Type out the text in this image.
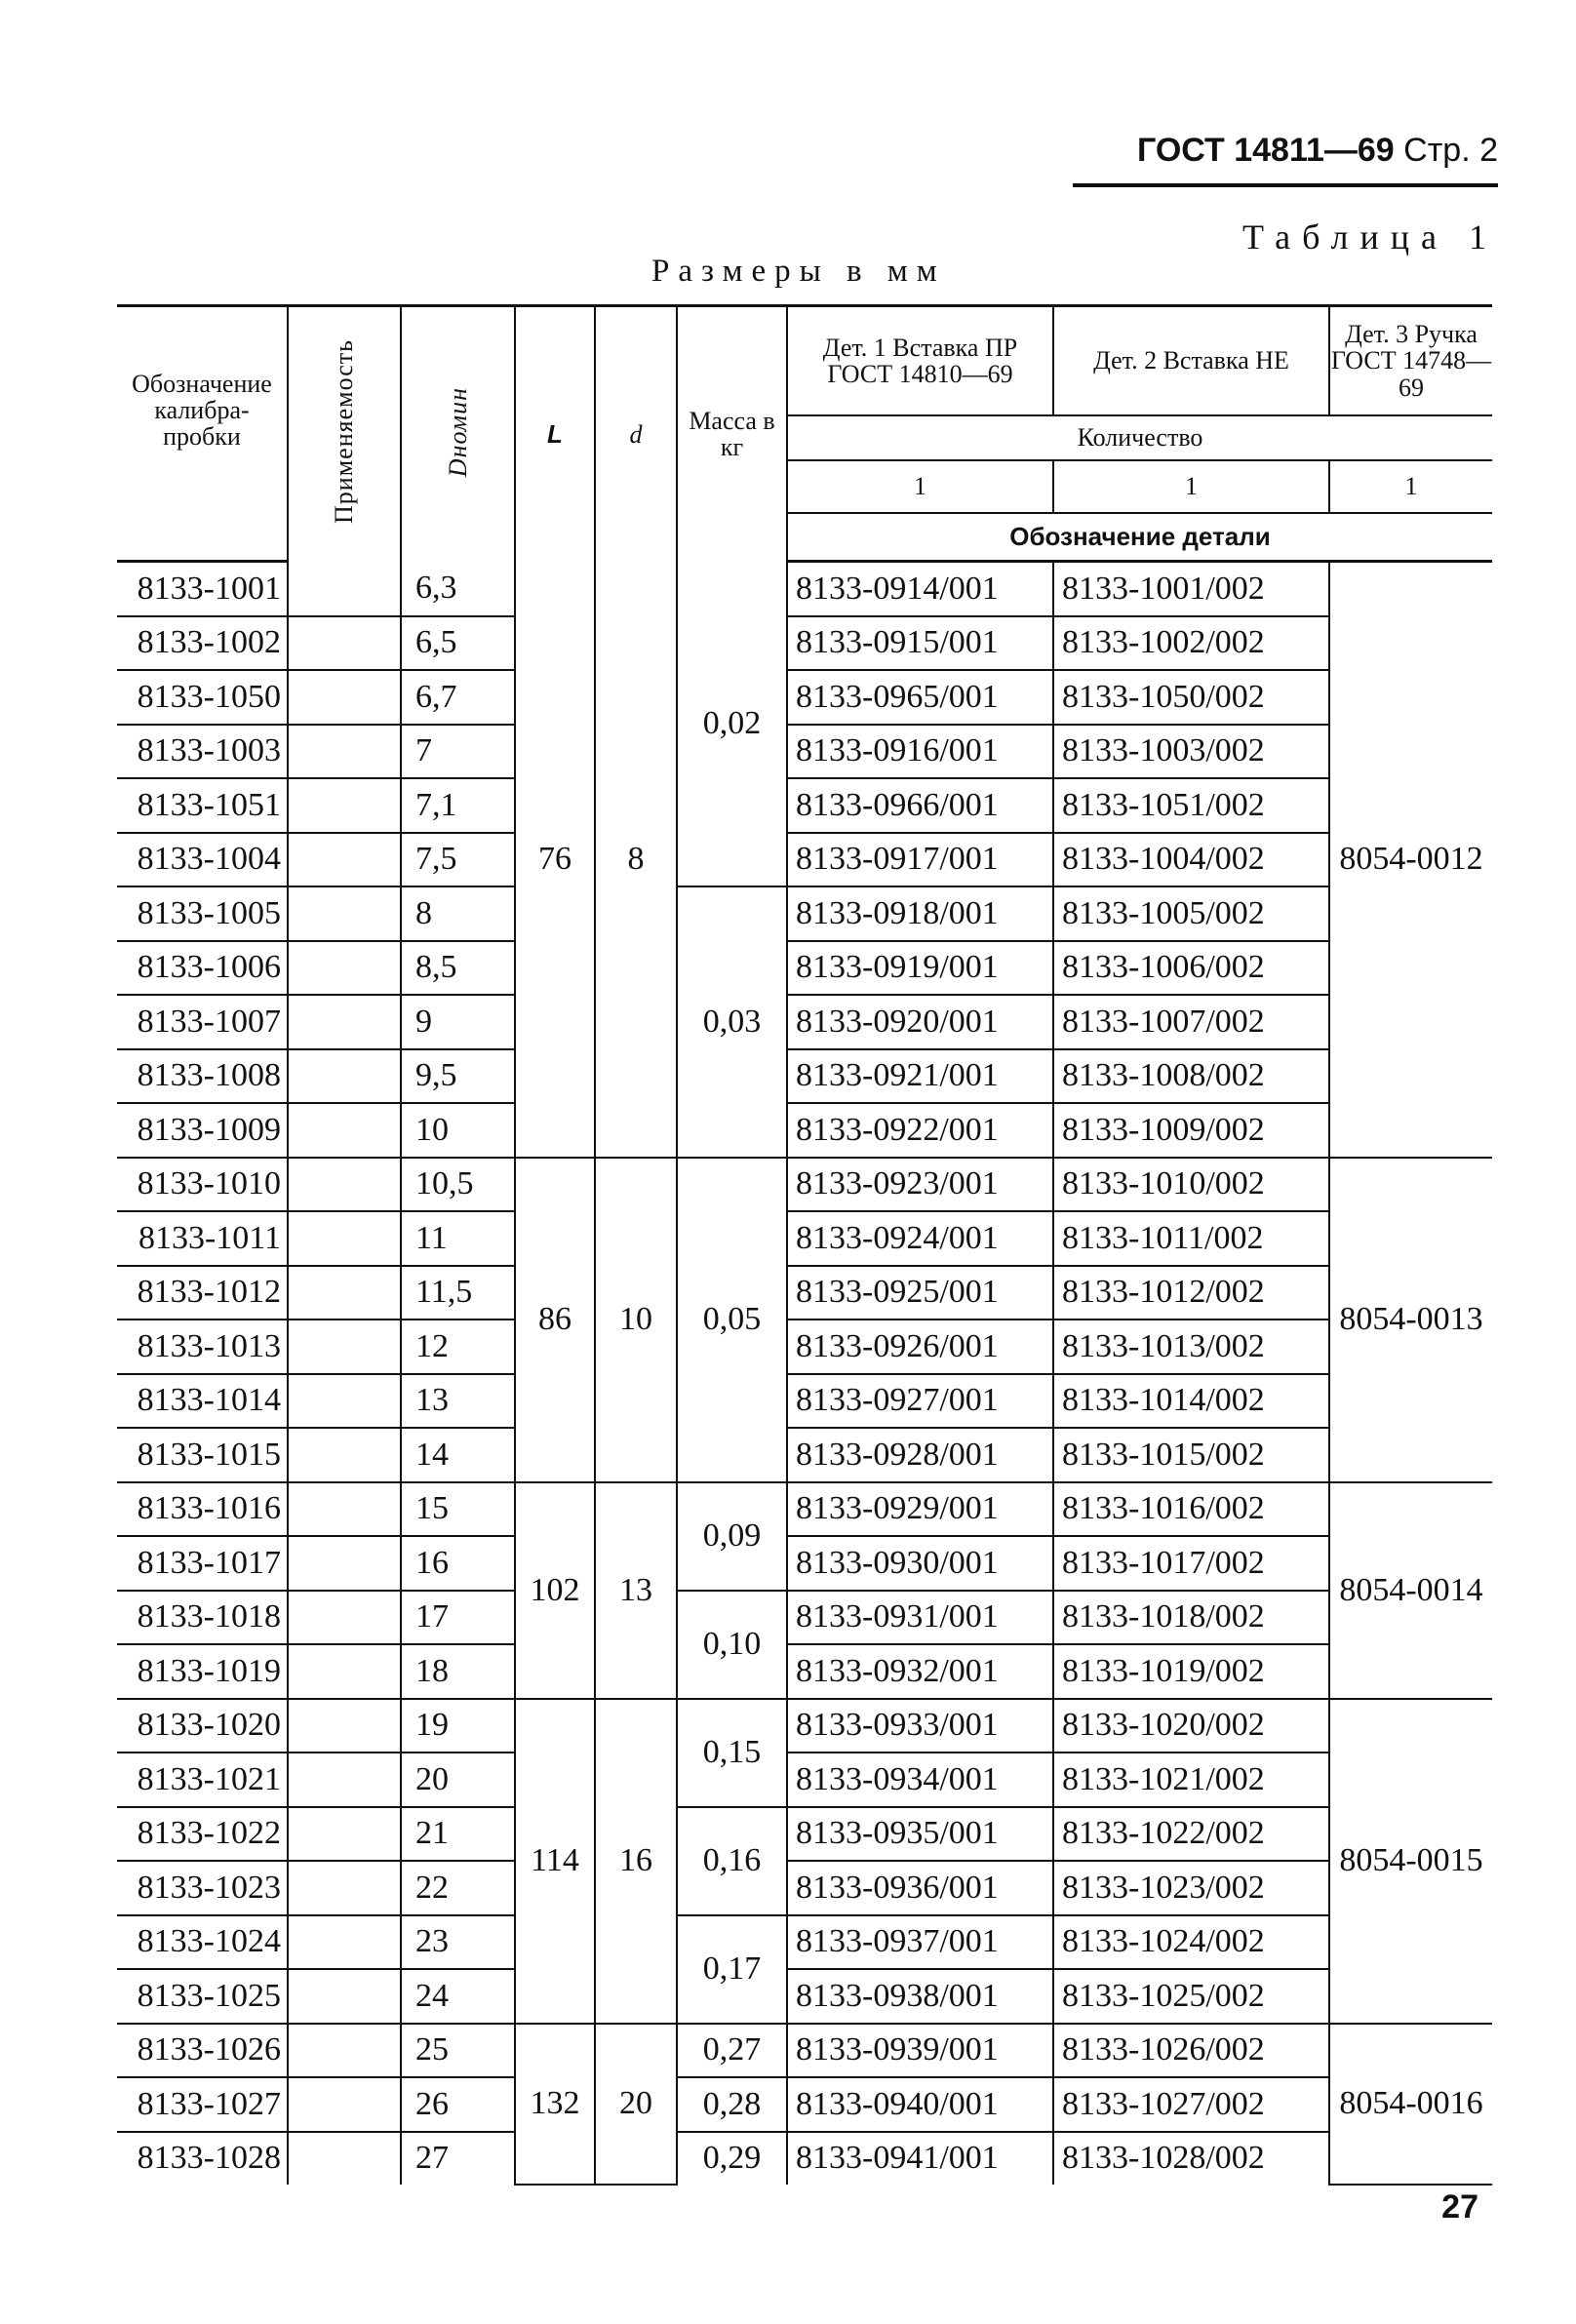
ГОСТ 14811—69 Стр. 2
Таблица 1
Размеры в мм
Обозначение калибра-пробки	Применяемость	Dномин	L	d	Масса в кг	Дет. 1 Вставка ПР ГОСТ 14810—69	Дет. 2 Вставка НЕ	Дет. 3 Ручка ГОСТ 14748—69
						Количество		
						1	1	1
						Обозначение детали		
8133-1001		6,3	76	8	0,02	8133-0914/001	8133-1001/002	8054-0012
8133-1002		6,5				8133-0915/001	8133-1002/002	
8133-1050		6,7				8133-0965/001	8133-1050/002	
8133-1003		7				8133-0916/001	8133-1003/002	
8133-1051		7,1				8133-0966/001	8133-1051/002	
8133-1004		7,5				8133-0917/001	8133-1004/002	
8133-1005		8			0,03	8133-0918/001	8133-1005/002	
8133-1006		8,5				8133-0919/001	8133-1006/002	
8133-1007		9				8133-0920/001	8133-1007/002	
8133-1008		9,5				8133-0921/001	8133-1008/002	
8133-1009		10				8133-0922/001	8133-1009/002	
8133-1010		10,5	86	10	0,05	8133-0923/001	8133-1010/002	8054-0013
8133-1011		11				8133-0924/001	8133-1011/002	
8133-1012		11,5				8133-0925/001	8133-1012/002	
8133-1013		12				8133-0926/001	8133-1013/002	
8133-1014		13				8133-0927/001	8133-1014/002	
8133-1015		14				8133-0928/001	8133-1015/002	
8133-1016		15	102	13	0,09	8133-0929/001	8133-1016/002	8054-0014
8133-1017		16				8133-0930/001	8133-1017/002	
8133-1018		17			0,10	8133-0931/001	8133-1018/002	
8133-1019		18				8133-0932/001	8133-1019/002	
8133-1020		19	114	16	0,15	8133-0933/001	8133-1020/002	8054-0015
8133-1021		20				8133-0934/001	8133-1021/002	
8133-1022		21			0,16	8133-0935/001	8133-1022/002	
8133-1023		22				8133-0936/001	8133-1023/002	
8133-1024		23			0,17	8133-0937/001	8133-1024/002	
8133-1025		24				8133-0938/001	8133-1025/002	
8133-1026		25	132	20	0,27	8133-0939/001	8133-1026/002	8054-0016
8133-1027		26			0,28	8133-0940/001	8133-1027/002	
8133-1028		27			0,29	8133-0941/001	8133-1028/002	
27
